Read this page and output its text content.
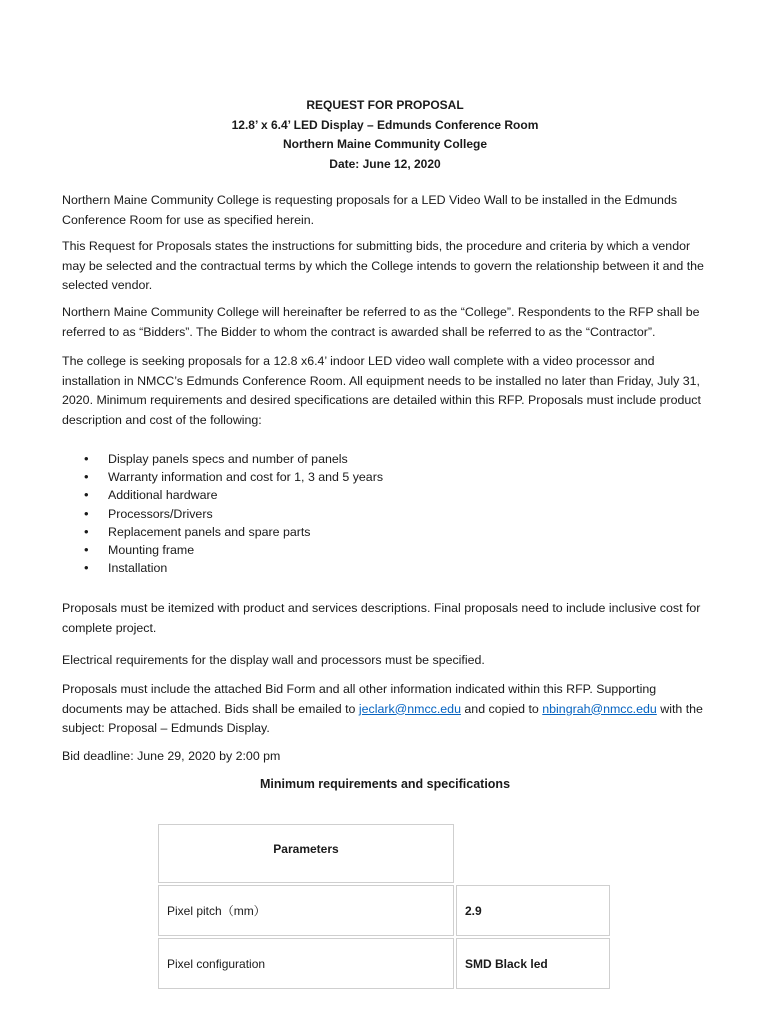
REQUEST FOR PROPOSAL
12.8’ x 6.4’ LED Display – Edmunds Conference Room
Northern Maine Community College
Date: June 12, 2020

Northern Maine Community College is requesting proposals for a LED Video Wall to be installed in the Edmunds Conference Room for use as specified herein.

This Request for Proposals states the instructions for submitting bids, the procedure and criteria by which a vendor may be selected and the contractual terms by which the College intends to govern the relationship between it and the selected vendor.

Northern Maine Community College will hereinafter be referred to as the “College”. Respondents to the RFP shall be referred to as “Bidders”. The Bidder to whom the contract is awarded shall be referred to as the “Contractor”.

The college is seeking proposals for a 12.8 x6.4’ indoor LED video wall complete with a video processor and installation in NMCC’s Edmunds Conference Room. All equipment needs to be installed no later than Friday, July 31, 2020. Minimum requirements and desired specifications are detailed within this RFP. Proposals must include product description and cost of the following:

• Display panels specs and number of panels
• Warranty information and cost for 1, 3 and 5 years
• Additional hardware
• Processors/Drivers
• Replacement panels and spare parts
• Mounting frame
• Installation

Proposals must be itemized with product and services descriptions. Final proposals need to include inclusive cost for complete project.

Electrical requirements for the display wall and processors must be specified.

Proposals must include the attached Bid Form and all other information indicated within this RFP. Supporting documents may be attached. Bids shall be emailed to jeclark@nmcc.edu and copied to nbingrah@nmcc.edu with the subject: Proposal – Edmunds Display.

Bid deadline: June 29, 2020 by 2:00 pm

Minimum requirements and specifications
Parameters	
Pixel pitch（mm）	2.9
Pixel configuration	SMD Black led
